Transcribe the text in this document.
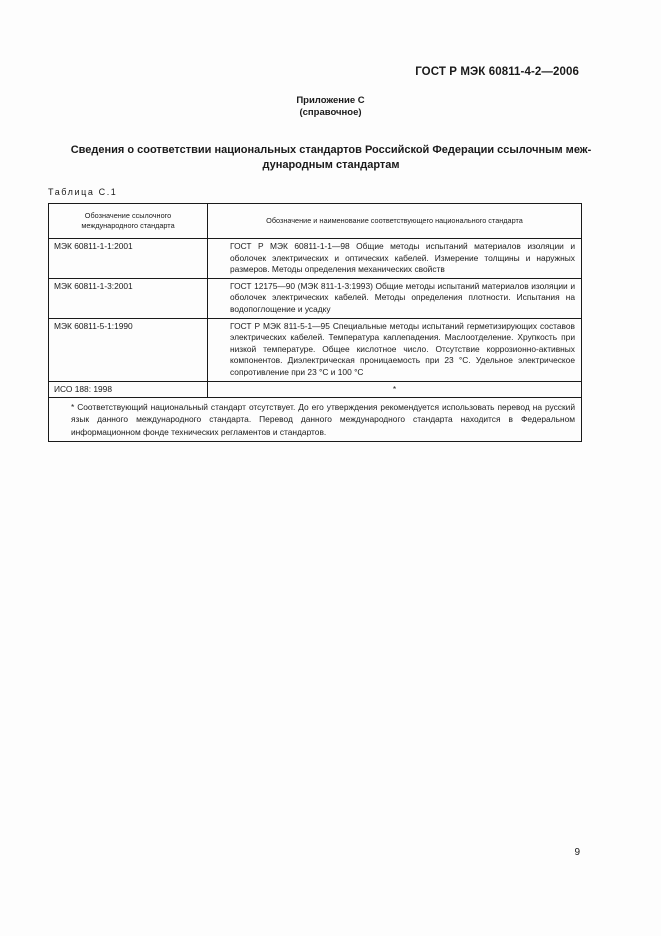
ГОСТ Р МЭК 60811-4-2—2006
Приложение С
(справочное)
Сведения о соответствии национальных стандартов Российской Федерации ссылочным меж-
дународным стандартам
Таблица С.1
Обозначение ссылочного
международного стандарта	Обозначение и наименование соответствующего национального стандарта
МЭК 60811-1-1:2001	ГОСТ Р МЭК 60811-1-1—98 Общие методы испытаний материалов изоляции и оболочек электрических и оптических кабелей. Измерение толщины и наружных размеров. Методы определения механических свойств

МЭК 60811-1-3:2001	ГОСТ 12175—90 (МЭК 811-1-3:1993) Общие методы испытаний материалов изоляции и оболочек электрических кабелей. Методы определения плотности. Испытания на водопоглощение и усадку

МЭК 60811-5-1:1990	ГОСТ Р МЭК 811-5-1—95 Специальные методы испытаний герметизирующих составов электрических кабелей. Температура каплепадения. Маслоотделение. Хрупкость при низкой температуре. Общее кислотное число. Отсутствие коррозионно-активных компонентов. Диэлектрическая проницаемость при 23 °С. Удельное электрическое сопротивление при 23 °С и 100 °С

ИСО 188: 1998	*

* Соответствующий национальный стандарт отсутствует. До его утверждения рекомендуется использовать перевод на русский язык данного международного стандарта. Перевод данного международного стандарта находится в Федеральном информационном фонде технических регламентов и стандартов.	
9
